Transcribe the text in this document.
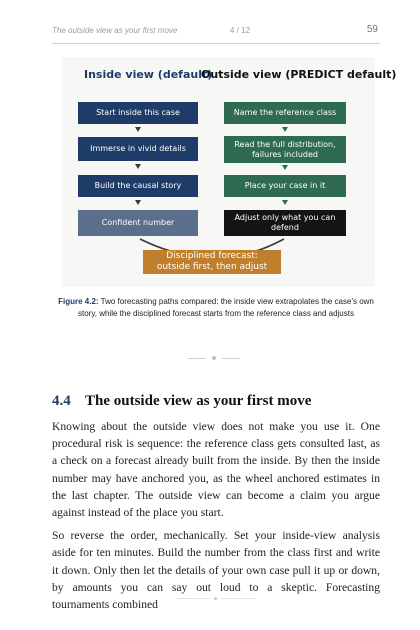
The outside view as your first move	4 / 12	59
Inside view (default)
Outside view (PREDICT default)
Start inside this case
Immerse in vivid details
Build the causal story
Confident number
Name the reference class
Read the full distribution, failures included
Place your case in it
Adjust only what you can defend
Disciplined forecast: outside first, then adjust
Figure 4.2: Two forecasting paths compared: the inside view extrapolates the case's own story, while the disciplined forecast starts from the reference class and adjusts
4.4 The outside view as your first move

Knowing about the outside view does not make you use it. One procedural risk is sequence: the reference class gets consulted last, as a check on a forecast already built from the inside. By then the inside number may have anchored you, as the wheel anchored estimates in the last chapter. The outside view can become a claim you argue against instead of the place you start.

So reverse the order, mechanically. Set your inside-view analysis aside for ten minutes. Build the number from the class first and write it down. Only then let the details of your own case pull it up or down, by amounts you can say out loud to a skeptic. Forecasting tournaments combined
